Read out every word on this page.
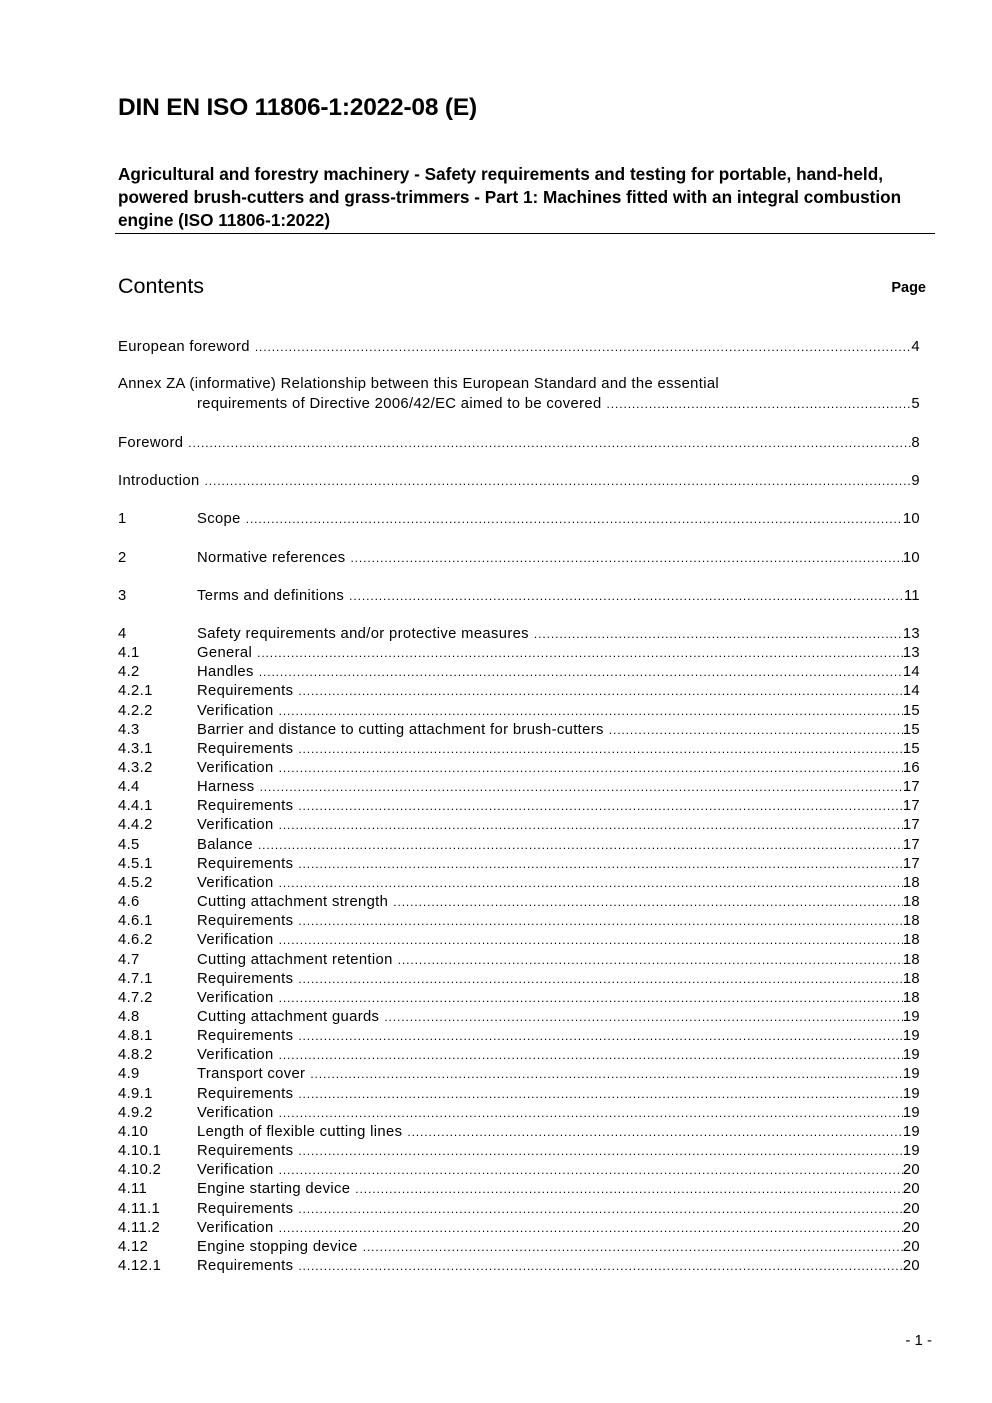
DIN EN ISO 11806-1:2022-08 (E)
Agricultural and forestry machinery - Safety requirements and testing for portable, hand-held, powered brush-cutters and grass-trimmers - Part 1: Machines fitted with an integral combustion engine (ISO 11806-1:2022)
Contents	Page
European foreword .....	4
Annex ZA (informative) Relationship between this European Standard and the essential
requirements of Directive 2006/42/EC aimed to be covered .....	5
Foreword .....	8
Introduction .....	9
1	Scope .....	10
2	Normative references .....	10
3	Terms and definitions .....	11
4	Safety requirements and/or protective measures .....	13
4.1	General .....	13
4.2	Handles .....	14
4.2.1	Requirements .....	14
4.2.2	Verification .....	15
4.3	Barrier and distance to cutting attachment for brush-cutters .....	15
4.3.1	Requirements .....	15
4.3.2	Verification .....	16
4.4	Harness .....	17
4.4.1	Requirements .....	17
4.4.2	Verification .....	17
4.5	Balance .....	17
4.5.1	Requirements .....	17
4.5.2	Verification .....	18
4.6	Cutting attachment strength .....	18
4.6.1	Requirements .....	18
4.6.2	Verification .....	18
4.7	Cutting attachment retention .....	18
4.7.1	Requirements .....	18
4.7.2	Verification .....	18
4.8	Cutting attachment guards .....	19
4.8.1	Requirements .....	19
4.8.2	Verification .....	19
4.9	Transport cover .....	19
4.9.1	Requirements .....	19
4.9.2	Verification .....	19
4.10	Length of flexible cutting lines .....	19
4.10.1	Requirements .....	19
4.10.2	Verification .....	20
4.11	Engine starting device .....	20
4.11.1	Requirements .....	20
4.11.2	Verification .....	20
4.12	Engine stopping device .....	20
4.12.1	Requirements .....	20
- 1 -
